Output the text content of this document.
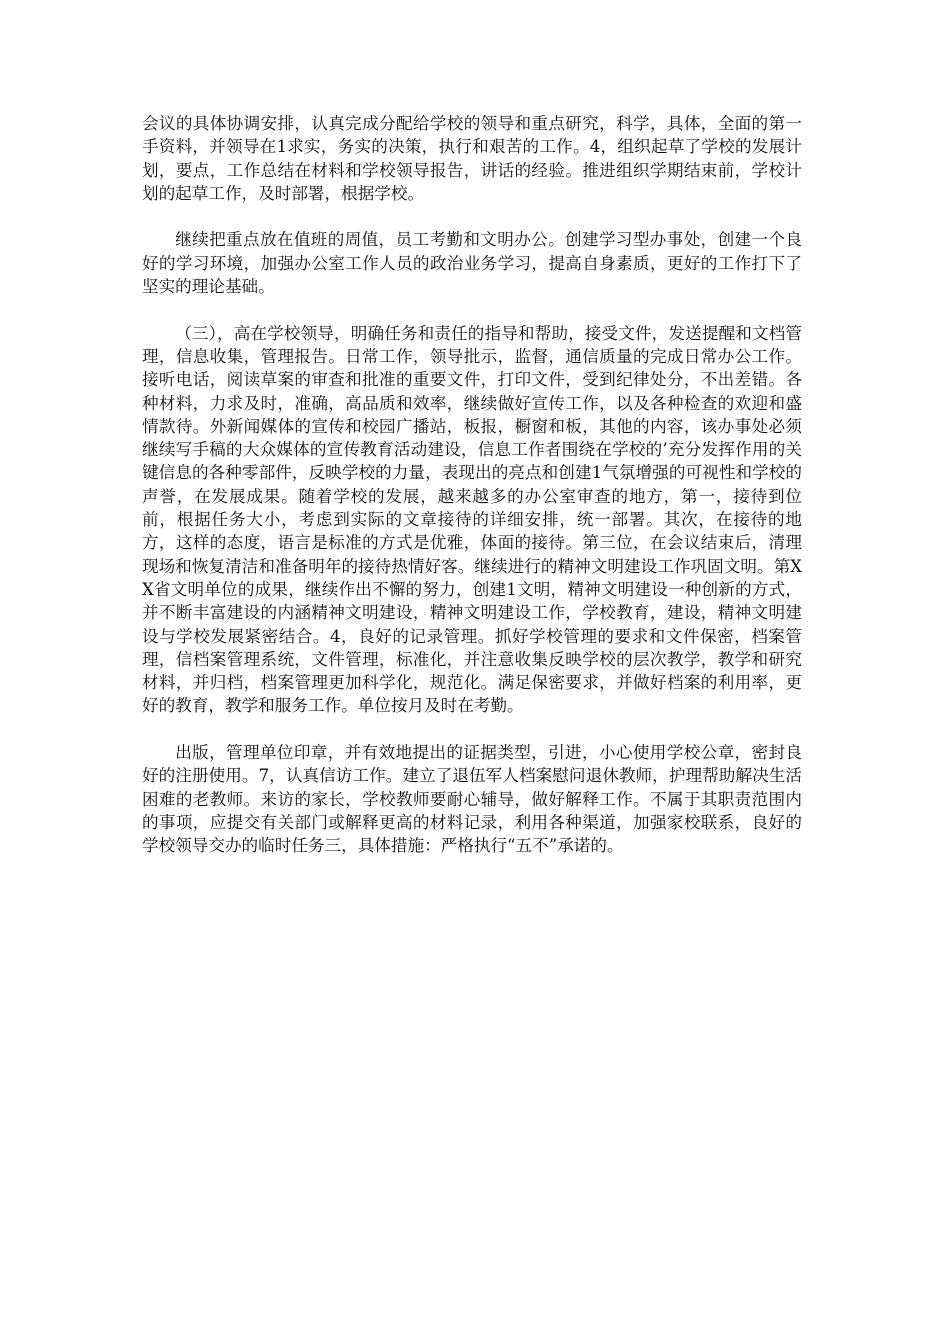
会议的具体协调安排，认真完成分配给学校的领导和重点研究，科学，具体，全面的第一手资料，并领导在1求实，务实的决策，执行和艰苦的工作。4，组织起草了学校的发展计划，要点，工作总结在材料和学校领导报告，讲话的经验。推进组织学期结束前，学校计划的起草工作，及时部署，根据学校。

继续把重点放在值班的周值，员工考勤和文明办公。创建学习型办事处，创建一个良好的学习环境，加强办公室工作人员的政治业务学习，提高自身素质，更好的工作打下了坚实的理论基础。

（三），高在学校领导，明确任务和责任的指导和帮助，接受文件，发送提醒和文档管理，信息收集，管理报告。日常工作，领导批示，监督，通信质量的完成日常办公工作。接听电话，阅读草案的审查和批准的重要文件，打印文件，受到纪律处分，不出差错。各种材料，力求及时，准确，高品质和效率，继续做好宣传工作，以及各种检查的欢迎和盛情款待。外新闻媒体的宣传和校园广播站，板报，橱窗和板，其他的内容，该办事处必须继续写手稿的大众媒体的宣传教育活动建设，信息工作者围绕在学校的’充分发挥作用的关键信息的各种零部件，反映学校的力量，表现出的亮点和创建1气氛增强的可视性和学校的声誉，在发展成果。随着学校的发展，越来越多的办公室审查的地方，第一，接待到位前，根据任务大小，考虑到实际的文章接待的详细安排，统一部署。其次，在接待的地方，这样的态度，语言是标准的方式是优雅，体面的接待。第三位，在会议结束后，清理现场和恢复清洁和准备明年的接待热情好客。继续进行的精神文明建设工作巩固文明。第XX省文明单位的成果，继续作出不懈的努力，创建1文明，精神文明建设一种创新的方式，并不断丰富建设的内涵精神文明建设，精神文明建设工作，学校教育，建设，精神文明建设与学校发展紧密结合。4，良好的记录管理。抓好学校管理的要求和文件保密，档案管理，信档案管理系统，文件管理，标准化，并注意收集反映学校的层次教学，教学和研究材料，并归档，档案管理更加科学化，规范化。满足保密要求，并做好档案的利用率，更好的教育，教学和服务工作。单位按月及时在考勤。

出版，管理单位印章，并有效地提出的证据类型，引进，小心使用学校公章，密封良好的注册使用。7，认真信访工作。建立了退伍军人档案慰问退休教师，护理帮助解决生活困难的老教师。来访的家长，学校教师要耐心辅导，做好解释工作。不属于其职责范围内的事项，应提交有关部门或解释更高的材料记录，利用各种渠道，加强家校联系，良好的学校领导交办的临时任务三，具体措施：严格执行“五不”承诺的。
